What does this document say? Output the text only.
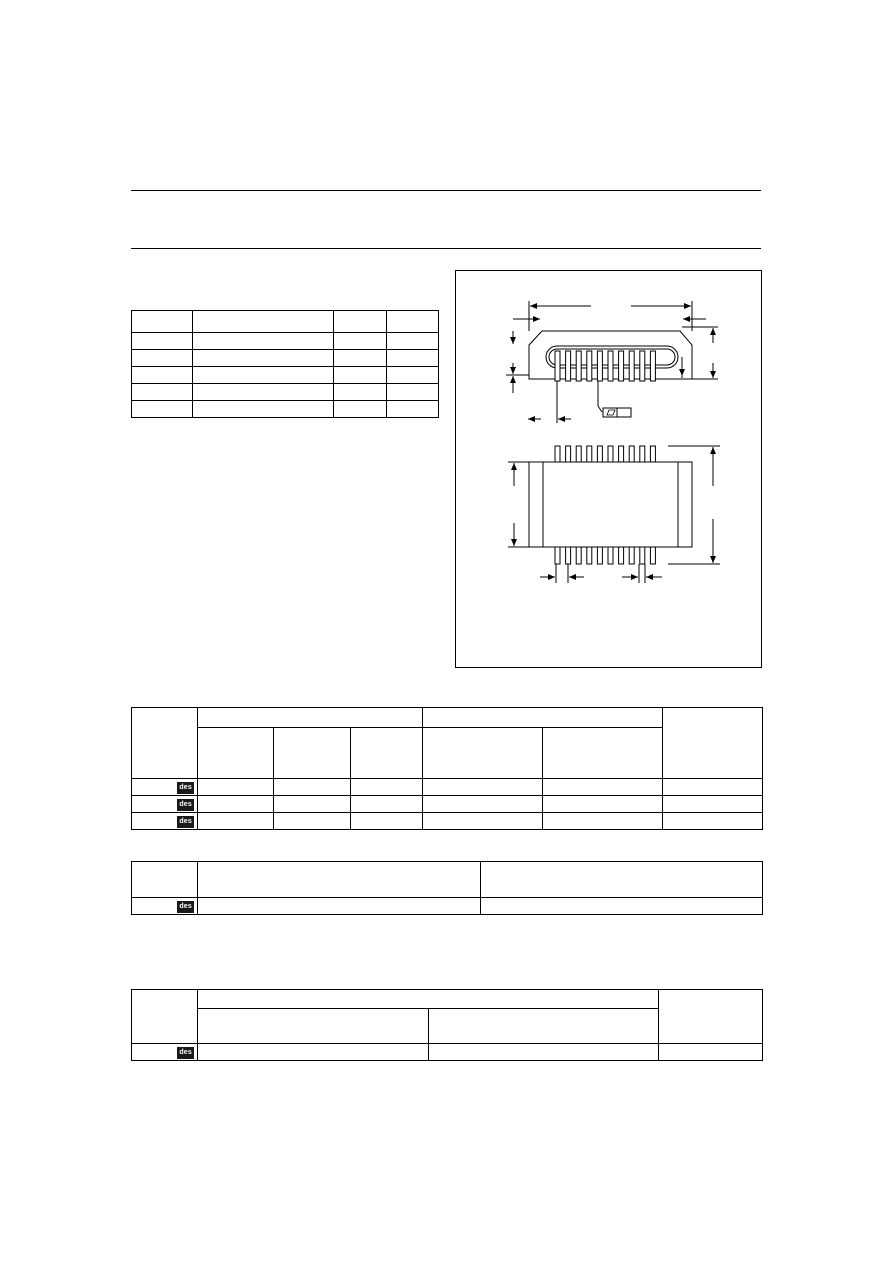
des						
des						
des						

des		

des			
